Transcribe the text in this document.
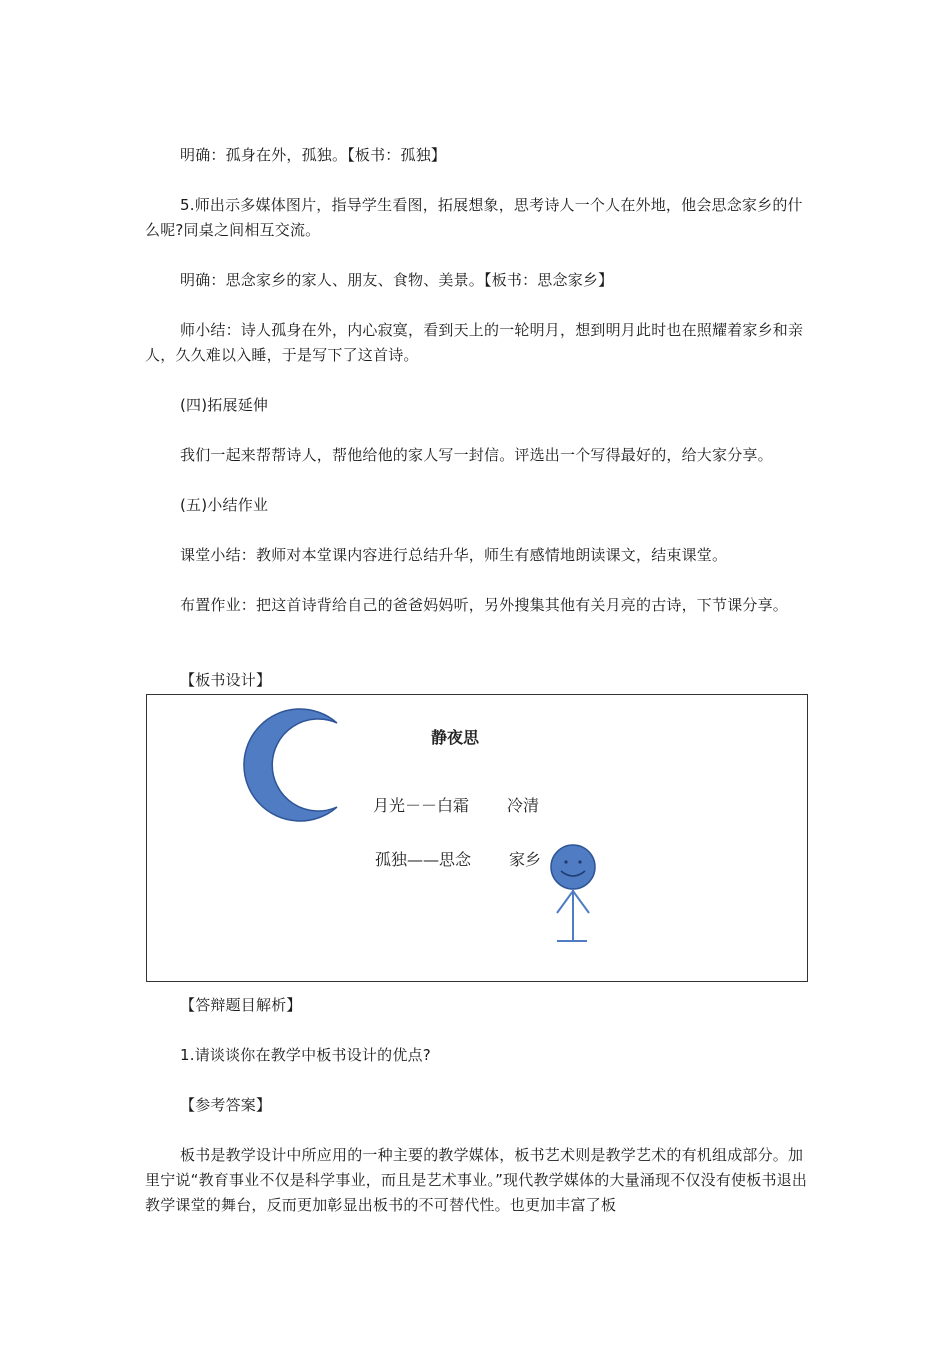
明确：孤身在外，孤独。【板书：孤独】

5.师出示多媒体图片，指导学生看图，拓展想象，思考诗人一个人在外地，他会思念家乡的什么呢?同桌之间相互交流。

明确：思念家乡的家人、朋友、食物、美景。【板书：思念家乡】

师小结：诗人孤身在外，内心寂寞，看到天上的一轮明月，想到明月此时也在照耀着家乡和亲人，久久难以入睡，于是写下了这首诗。

(四)拓展延伸

我们一起来帮帮诗人，帮他给他的家人写一封信。评选出一个写得最好的，给大家分享。

(五)小结作业

课堂小结：教师对本堂课内容进行总结升华，师生有感情地朗读课文，结束课堂。

布置作业：把这首诗背给自己的爸爸妈妈听，另外搜集其他有关月亮的古诗，下节课分享。

【板书设计】

静夜思
月光－－白霜 冷清
孤独——思念 家乡

【答辩题目解析】

1.请谈谈你在教学中板书设计的优点?

【参考答案】

板书是教学设计中所应用的一种主要的教学媒体，板书艺术则是教学艺术的有机组成部分。加里宁说“教育事业不仅是科学事业，而且是艺术事业。”现代教学媒体的大量涌现不仅没有使板书退出教学课堂的舞台，反而更加彰显出板书的不可替代性。也更加丰富了板
